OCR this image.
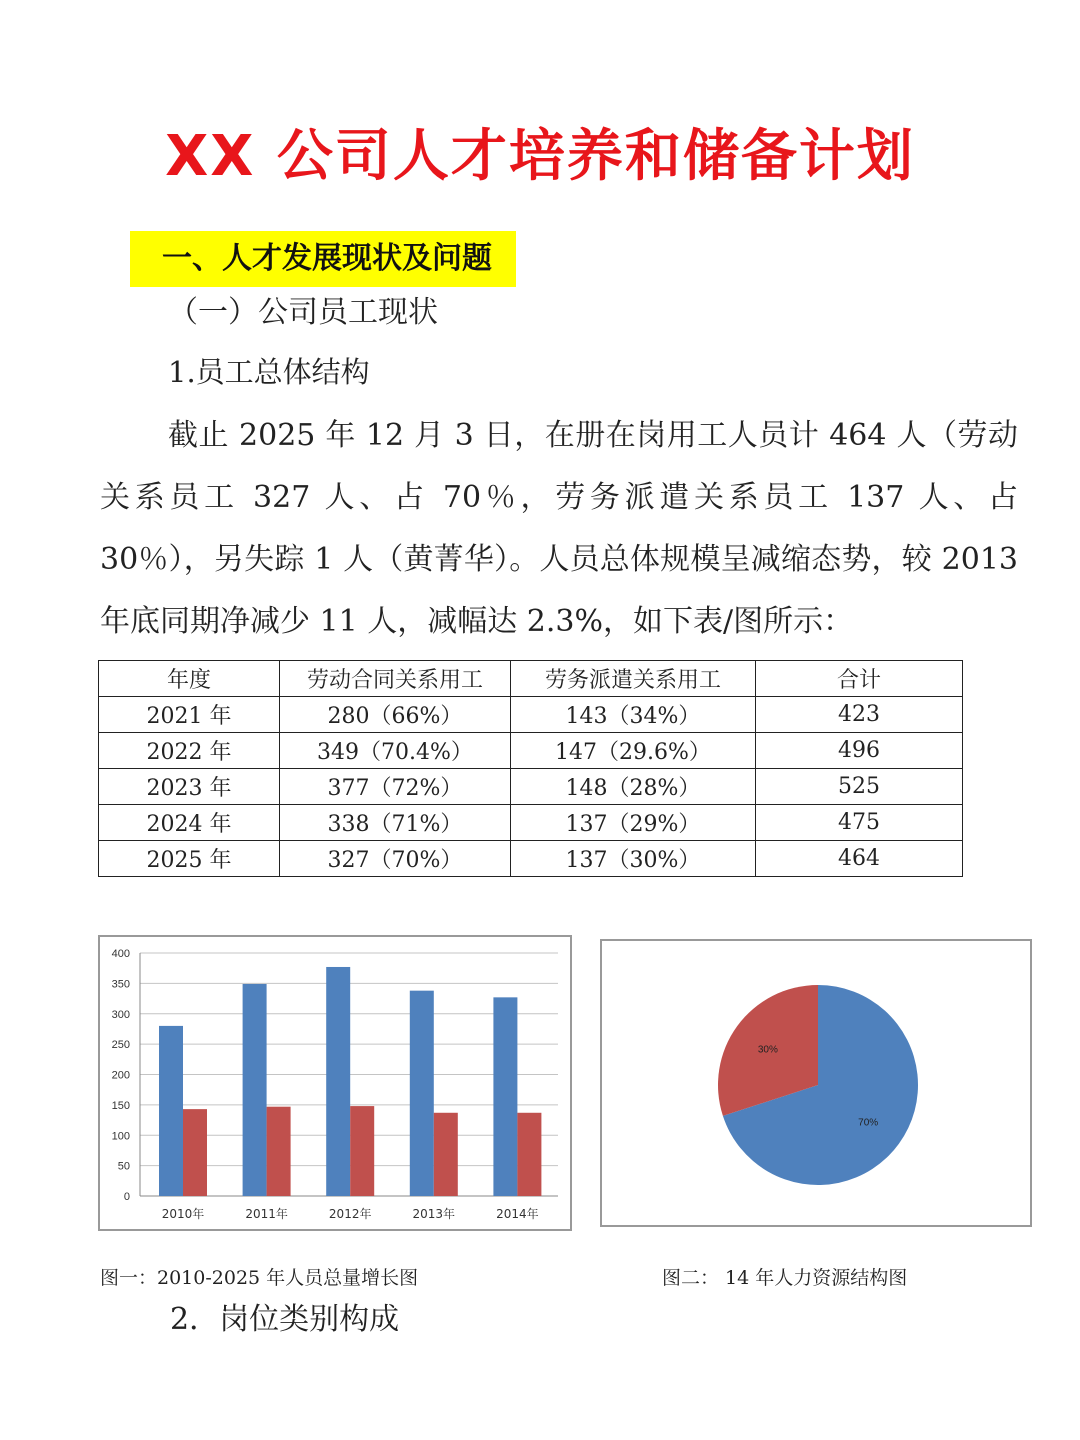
XX 公司人才培养和储备计划
一、人才发展现状及问题
（一）公司员工现状
1.员工总体结构
截止 2025 年 12 月 3 日，在册在岗用工人员计 464 人（劳动关系员工 327 人、占 70％，劳务派遣关系员工 137 人、占 30％），另失踪 1 人（黄菁华）。人员总体规模呈减缩态势，较 2013 年底同期净减少 11 人，减幅达 2.3%，如下表/图所示：
年度	劳动合同关系用工	劳务派遣关系用工	合计
2021 年	280（66%）	143（34%）	423
2022 年	349（70.4%）	147（29.6%）	496
2023 年	377（72%）	148（28%）	525
2024 年	338（71%）	137（29%）	475
2025 年	327（70%）	137（30%）	464
0
50
100
150
200
250
300
350
400
2010年	2011年	2012年	2013年	2014年
70%
30%
图一：2010-2025 年人员总量增长图	图二： 14 年人力资源结构图
2．岗位类别构成
